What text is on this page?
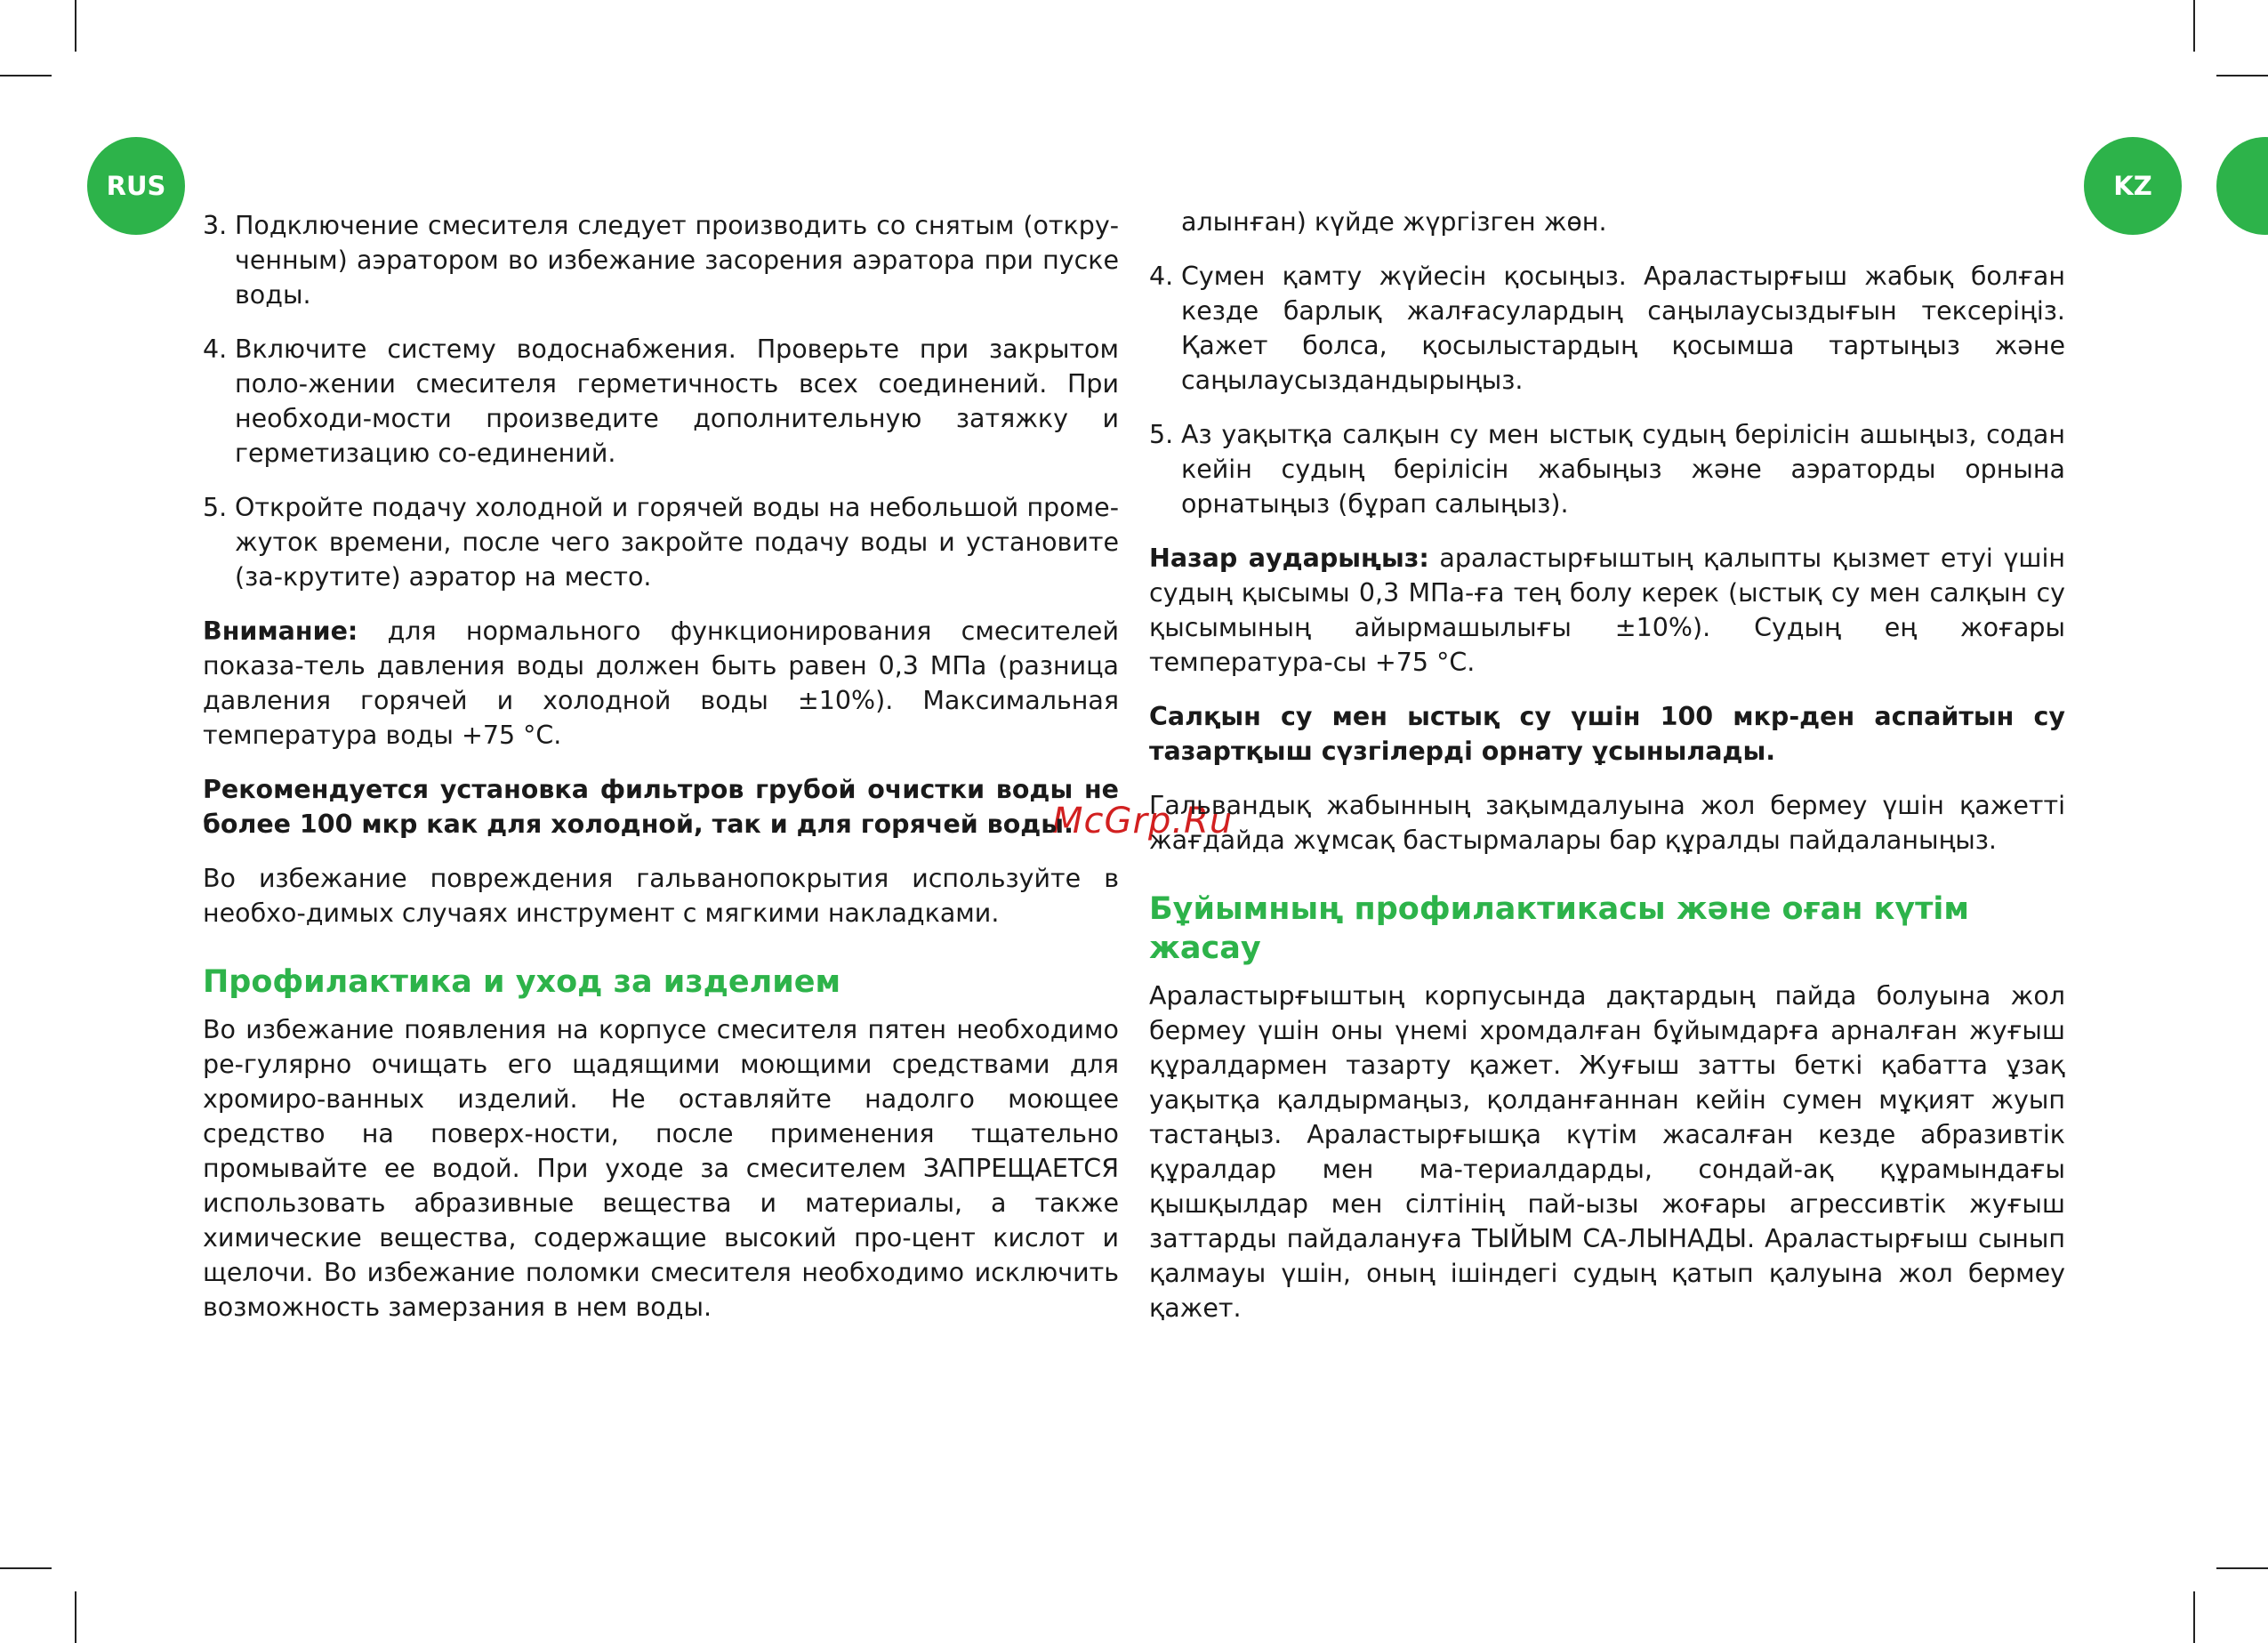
RUS	KZ
McGrp.Ru
3. Подключение смесителя следует производить со снятым (откру-ченным) аэратором во избежание засорения аэратора при пуске воды.
4. Включите систему водоснабжения. Проверьте при закрытом поло-жении смесителя герметичность всех соединений. При необходи-мости произведите дополнительную затяжку и герметизацию со-единений.
5. Откройте подачу холодной и горячей воды на небольшой проме-жуток времени, после чего закройте подачу воды и установите (за-крутите) аэратор на место.

Внимание: для нормального функционирования смесителей показа-тель давления воды должен быть равен 0,3 МПа (разница давления горячей и холодной воды ±10%). Максимальная температура воды +75 °С.

Рекомендуется установка фильтров грубой очистки воды не более 100 мкр как для холодной, так и для горячей воды.

Во избежание повреждения гальванопокрытия используйте в необхо-димых случаях инструмент с мягкими накладками.

Профилактика и уход за изделием

Во избежание появления на корпусе смесителя пятен необходимо ре-гулярно очищать его щадящими моющими средствами для хромиро-ванных изделий. Не оставляйте надолго моющее средство на поверх-ности, после применения тщательно промывайте ее водой. При уходе за смесителем ЗАПРЕЩАЕТСЯ использовать абразивные вещества и материалы, а также химические вещества, содержащие высокий про-цент кислот и щелочи. Во избежание поломки смесителя необходимо исключить возможность замерзания в нем воды.

алынған) күйде жүргізген жөн.

4. Сумен қамту жүйесін қосыңыз. Араластырғыш жабық болған кезде барлық жалғасулардың саңылаусыздығын тексеріңіз. Қажет болса, қосылыстардың қосымша тартыңыз және саңылаусыздандырыңыз.
5. Аз уақытқа салқын су мен ыстық судың берілісін ашыңыз, содан кейін судың берілісін жабыңыз және аэраторды орнына орнатыңыз (бұрап салыңыз).

Назар аударыңыз: араластырғыштың қалыпты қызмет етуі үшін судың қысымы 0,3 МПа-ға тең болу керек (ыстық су мен салқын су қысымының айырмашылығы ±10%). Судың ең жоғары температура-сы +75 °С.

Салқын су мен ыстық су үшін 100 мкр-ден аспайтын су тазартқыш сүзгілерді орнату ұсынылады.

Гальвандық жабынның зақымдалуына жол бермеу үшін қажетті жағдайда жұмсақ бастырмалары бар құралды пайдаланыңыз.

Бұйымның профилактикасы және оған күтім жасау

Араластырғыштың корпусында дақтардың пайда болуына жол бермеу үшін оны үнемі хромдалған бұйымдарға арналған жуғыш құралдармен тазарту қажет. Жуғыш затты беткі қабатта ұзақ уақытқа қалдырмаңыз, қолданғаннан кейін сумен мұқият жуып тастаңыз. Араластырғышқа күтім жасалған кезде абразивтік құралдар мен ма-териалдарды, сондай-ақ құрамындағы қышқылдар мен сілтінің пай-ызы жоғары агрессивтік жуғыш заттарды пайдалануға ТЫЙЫМ СА-ЛЫНАДЫ. Араластырғыш сынып қалмауы үшін, оның ішіндегі судың қатып қалуына жол бермеу қажет.
